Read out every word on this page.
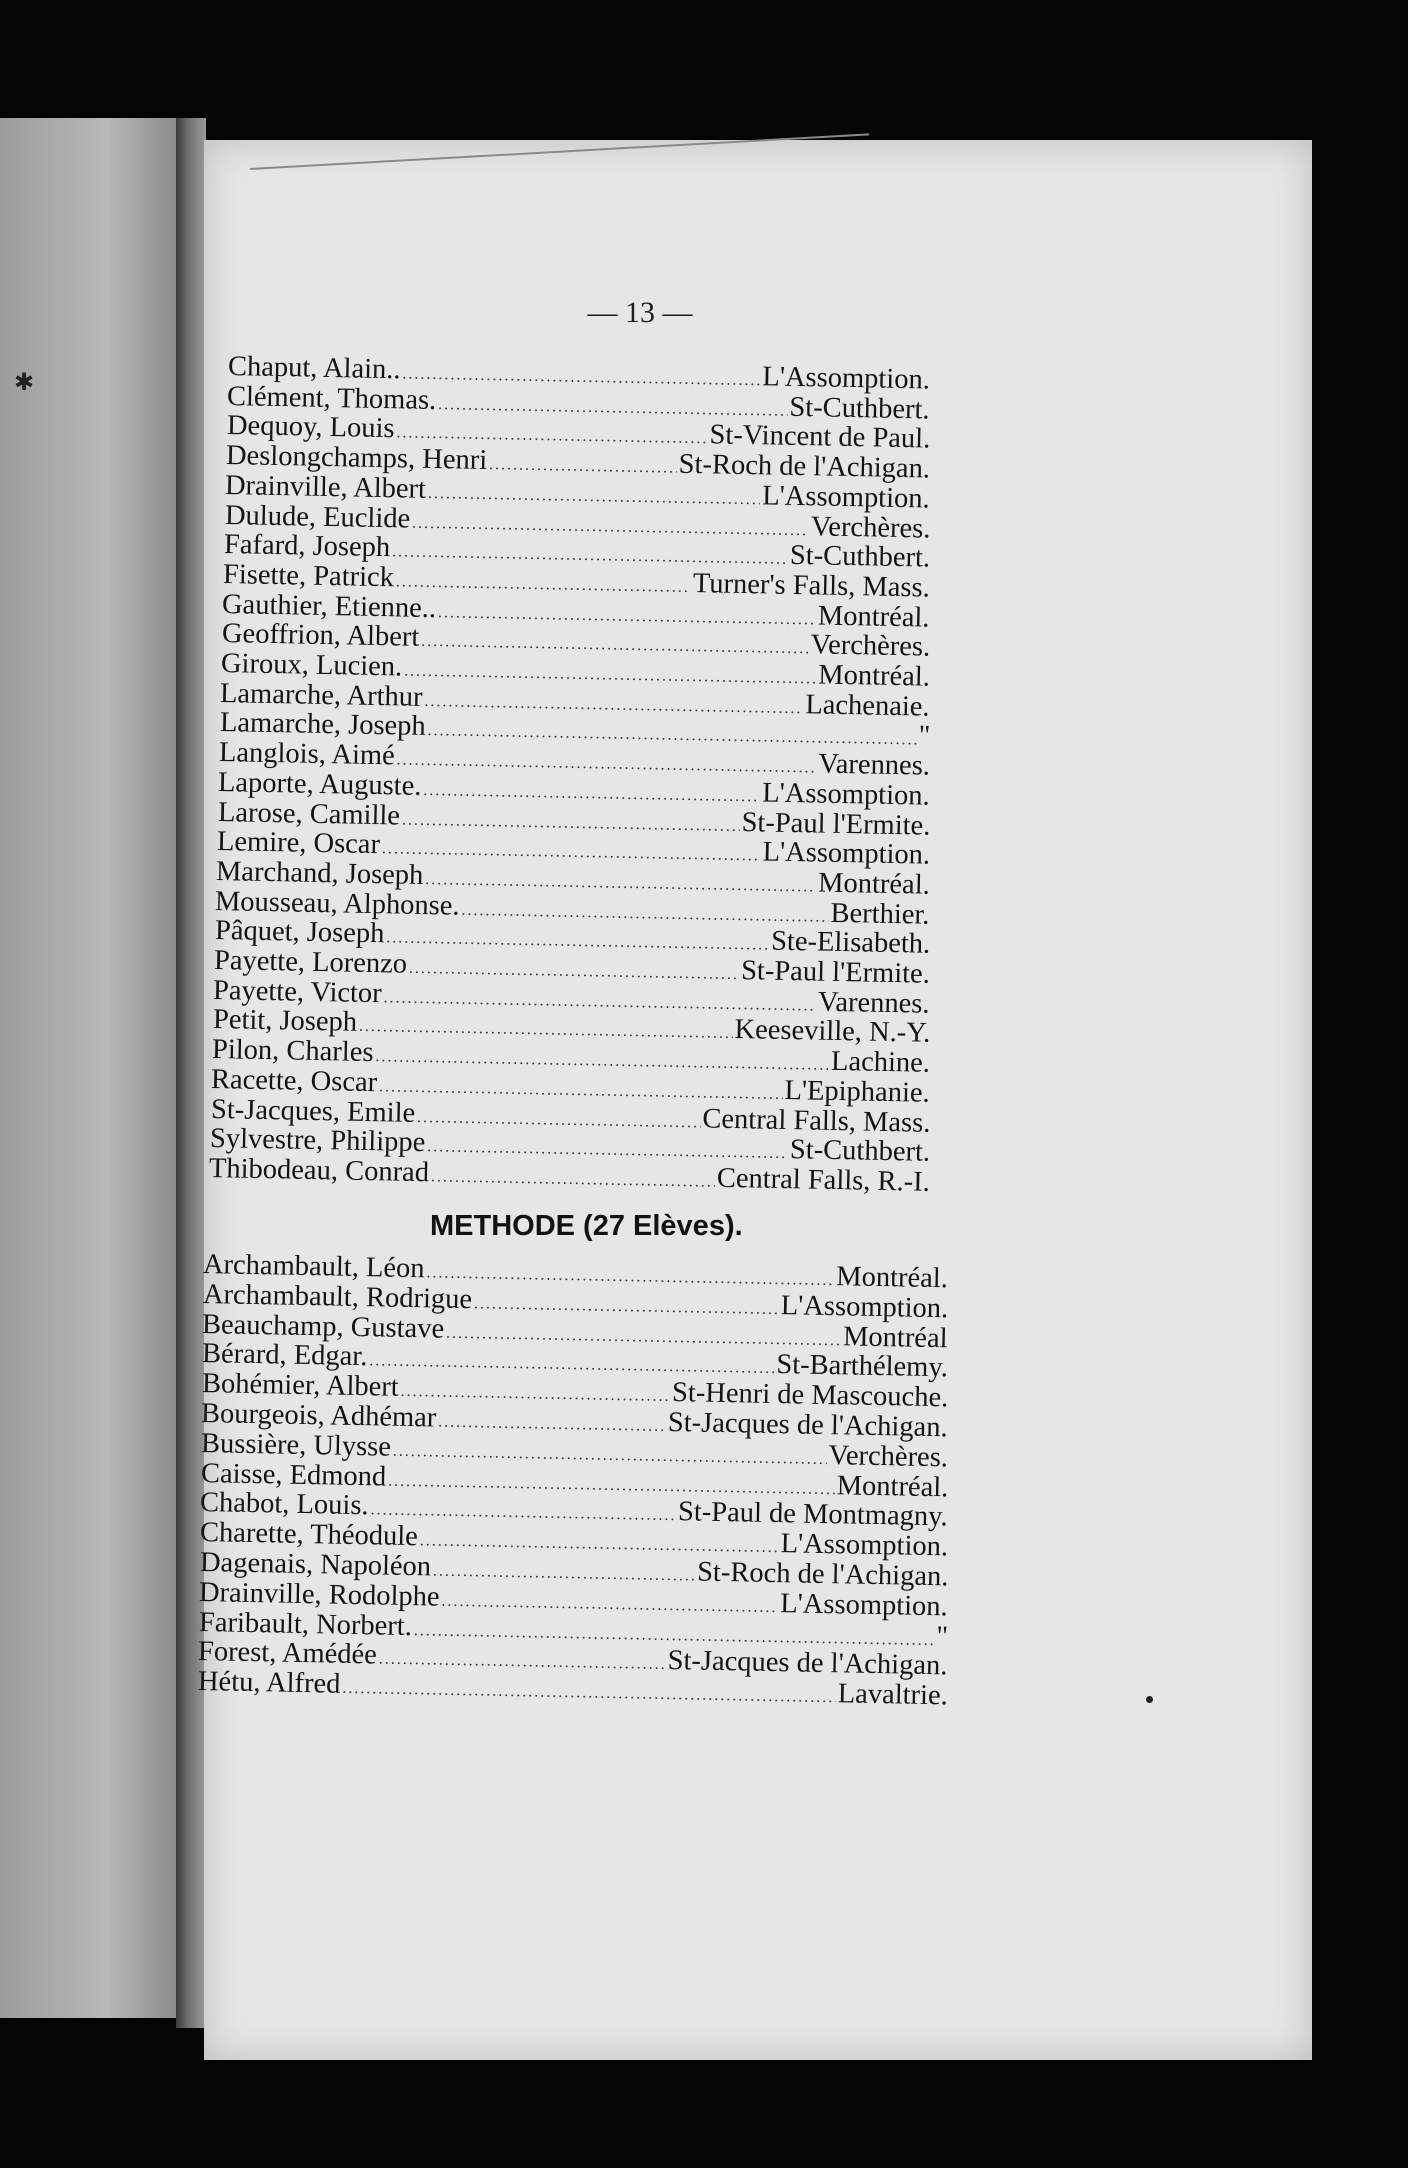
✱
— 13 —
Chaput, Alain.. .....	L'Assomption.
Clément, Thomas. .....	St-Cuthbert.
Dequoy, Louis .....	St-Vincent de Paul.
Deslongchamps, Henri .....	St-Roch de l'Achigan.
Drainville, Albert .....	L'Assomption.
Dulude, Euclide .....	Verchères.
Fafard, Joseph .....	St-Cuthbert.
Fisette, Patrick .....	Turner's Falls, Mass.
Gauthier, Etienne.. .....	Montréal.
Geoffrion, Albert .....	Verchères.
Giroux, Lucien. .....	Montréal.
Lamarche, Arthur .....	Lachenaie.
Lamarche, Joseph .....	"
Langlois, Aimé .....	Varennes.
Laporte, Auguste. .....	L'Assomption.
Larose, Camille .....	St-Paul l'Ermite.
Lemire, Oscar .....	L'Assomption.
Marchand, Joseph .....	Montréal.
Mousseau, Alphonse. .....	Berthier.
Pâquet, Joseph .....	Ste-Elisabeth.
Payette, Lorenzo .....	St-Paul l'Ermite.
Payette, Victor .....	Varennes.
Petit, Joseph .....	Keeseville, N.-Y.
Pilon, Charles .....	Lachine.
Racette, Oscar .....	L'Epiphanie.
St-Jacques, Emile .....	Central Falls, Mass.
Sylvestre, Philippe .....	St-Cuthbert.
Thibodeau, Conrad .....	Central Falls, R.-I.
METHODE (27 Elèves).
Archambault, Léon .....	Montréal.
Archambault, Rodrigue .....	L'Assomption.
Beauchamp, Gustave .....	Montréal
Bérard, Edgar. .....	St-Barthélemy.
Bohémier, Albert .....	St-Henri de Mascouche.
Bourgeois, Adhémar .....	St-Jacques de l'Achigan.
Bussière, Ulysse .....	Verchères.
Caisse, Edmond .....	Montréal.
Chabot, Louis. .....	St-Paul de Montmagny.
Charette, Théodule .....	L'Assomption.
Dagenais, Napoléon .....	St-Roch de l'Achigan.
Drainville, Rodolphe .....	L'Assomption.
Faribault, Norbert. .....	"
Forest, Amédée .....	St-Jacques de l'Achigan.
Hétu, Alfred .....	Lavaltrie.
